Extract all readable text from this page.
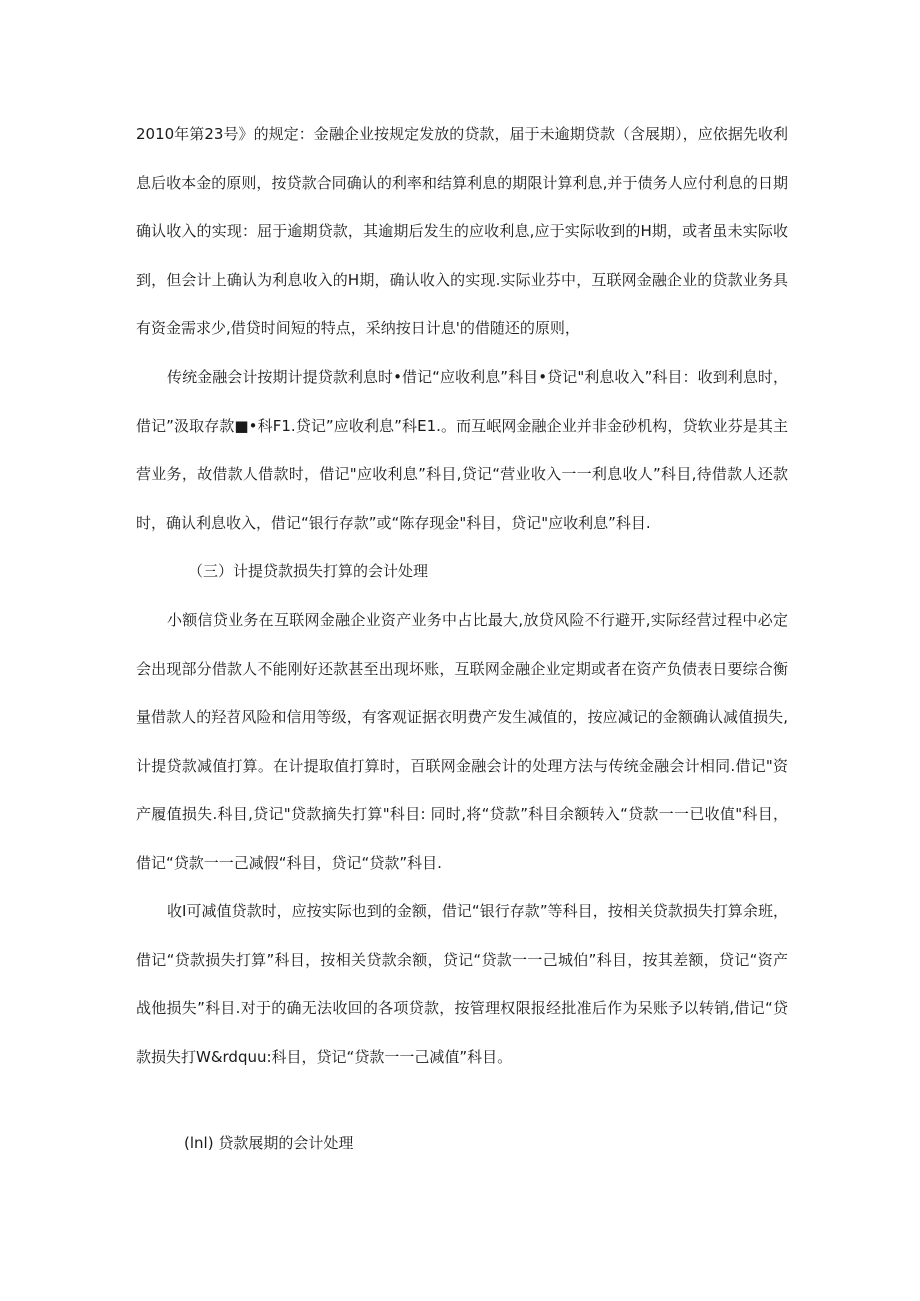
2010年第23号》的规定：金融企业按规定发放的贷款，届于未逾期贷款（含展期），应依据先收利息后收本金的原则，按贷款合同确认的利率和结算利息的期限计算利息,并于债务人应付利息的日期确认收入的实现：屈于逾期贷款，其逾期后发生的应收利息,应于实际收到的H期，或者虽未实际收到，但会计上确认为利息收入的H期，确认收入的实现.实际业芬中，互联网金融企业的贷款业务具有资金需求少,借贷时间短的特点，采纳按日计息'的借随还的原则，

传统金融会计按期计提贷款利息时•借记“应收利息”科目•贷记"利息收入”科目：收到利息时，借记”汲取存款■•科F1.贷记”应收利息”科E1.。而互岷网金融企业并非金砂机构，贷软业芬是其主营业务，故借款人借款时，借记"应收利息”科目,贷记“营业收入一一利息收人”科目,待借款人还款时，确认利息收入，借记“银行存款”或“陈存现金"科目，贷记"应收利息”科目.

（三）计提贷款损失打算的会计处理

小额信贷业务在互联网金融企业资产业务中占比最大,放贷风险不行避开,实际经营过程中必定会出现部分借款人不能刚好还款甚至出现坏账，互联网金融企业定期或者在资产负债表日要综合衡量借款人的羟苕风险和信用等级，有客观证据衣明费产发生减值的，按应减记的金额确认减值损失,计提贷款减值打算。在计提取值打算时，百联网金融会计的处理方法与传统金融会计相同.借记"资产履值损失.科目,贷记"贷款摘失打算"科目: 同时,将“贷款”科目余额转入“贷款一一已收值"科目，借记“贷款一一己减假“科目，贷记“贷款”科目.

收I可减值贷款时，应按实际也到的金额，借记“银行存款”等科目，按相关贷款损失打算余班，借记“贷款损失打算”科目，按相关贷款余额，贷记“贷款一一己城伯”科目，按其差额，贷记“资产战他损失”科目.对于的确无法收回的各项贷款，按管理权限报经批准后作为呆账予以转销,借记“贷款损失打W&rdquu:科目，贷记“贷款一一己减值”科目。

(lnl) 贷款展期的会计处理
